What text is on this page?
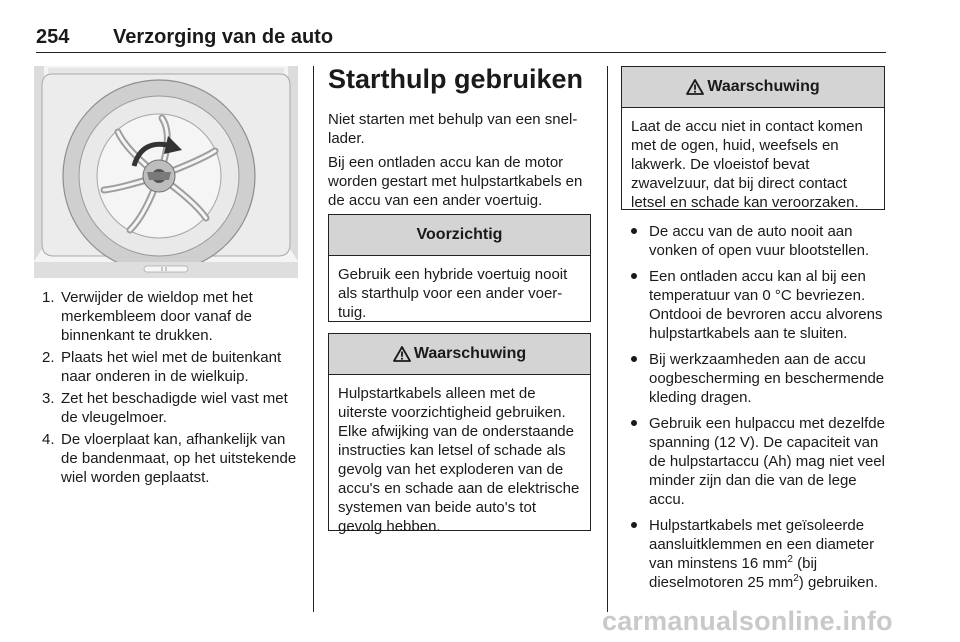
254 Verzorging van de auto
1. Verwijder de wieldop met het merkembleem door vanaf de binnenkant te drukken.
2. Plaats het wiel met de buitenkant naar onderen in de wielkuip.
3. Zet het beschadigde wiel vast met de vleugelmoer.
4. De vloerplaat kan, afhankelijk van de bandenmaat, op het uitstekende wiel worden geplaatst.
Starthulp gebruiken

Niet starten met behulp van een snellader.

Bij een ontladen accu kan de motor worden gestart met hulpstartkabels en de accu van een ander voertuig.

Voorzichtig
Gebruik een hybride voertuig nooit als starthulp voor een ander voertuig.
Waarschuwing
Hulpstartkabels alleen met de uiterste voorzichtigheid gebruiken. Elke afwijking van de onderstaande instructies kan letsel of schade als gevolg van het exploderen van de accu's en schade aan de elektrische systemen van beide auto's tot gevolg hebben.
Waarschuwing
Laat de accu niet in contact komen met de ogen, huid, weefsels en lakwerk. De vloeistof bevat zwavelzuur, dat bij direct contact letsel en schade kan veroorzaken.
De accu van de auto nooit aan vonken of open vuur blootstellen.
Een ontladen accu kan al bij een temperatuur van 0 °C bevriezen. Ontdooi de bevroren accu alvorens hulpstartkabels aan te sluiten.
Bij werkzaamheden aan de accu oogbescherming en beschermende kleding dragen.
Gebruik een hulpaccu met dezelfde spanning (12 V). De capaciteit van de hulpstartaccu (Ah) mag niet veel minder zijn dan die van de lege accu.
Hulpstartkabels met geïsoleerde aansluitklemmen en een diameter van minstens 16 $mm^2$ (bij dieselmotoren 25 $mm^2$) gebruiken.
carmanualsonline.info
